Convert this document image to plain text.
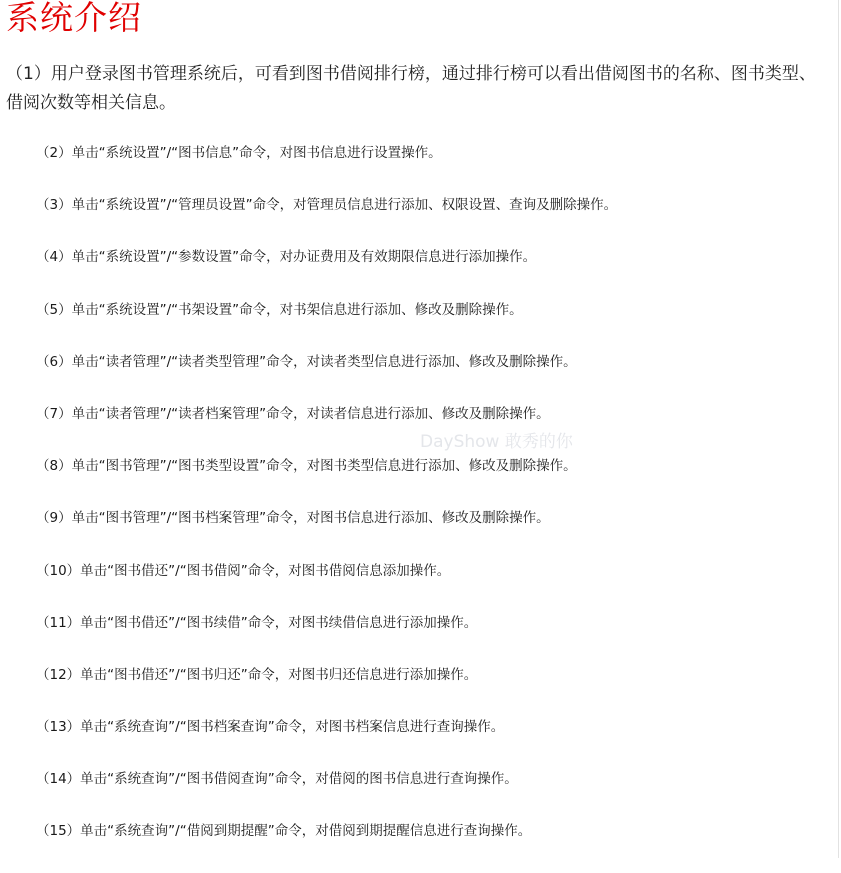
系统介绍

（1）用户登录图书管理系统后，可看到图书借阅排行榜，通过排行榜可以看出借阅图书的名称、图书类型、借阅次数等相关信息。

（2）单击“系统设置”/“图书信息”命令，对图书信息进行设置操作。
（3）单击“系统设置”/“管理员设置”命令，对管理员信息进行添加、权限设置、查询及删除操作。
（4）单击“系统设置”/“参数设置”命令，对办证费用及有效期限信息进行添加操作。
（5）单击“系统设置”/“书架设置”命令，对书架信息进行添加、修改及删除操作。
（6）单击“读者管理”/“读者类型管理”命令，对读者类型信息进行添加、修改及删除操作。
（7）单击“读者管理”/“读者档案管理”命令，对读者信息进行添加、修改及删除操作。
（8）单击“图书管理”/“图书类型设置”命令，对图书类型信息进行添加、修改及删除操作。
（9）单击“图书管理”/“图书档案管理”命令，对图书信息进行添加、修改及删除操作。
（10）单击“图书借还”/“图书借阅”命令，对图书借阅信息添加操作。
（11）单击“图书借还”/“图书续借”命令，对图书续借信息进行添加操作。
（12）单击“图书借还”/“图书归还”命令，对图书归还信息进行添加操作。
（13）单击“系统查询”/“图书档案查询”命令，对图书档案信息进行查询操作。
（14）单击“系统查询”/“图书借阅查询”命令，对借阅的图书信息进行查询操作。
（15）单击“系统查询”/“借阅到期提醒”命令，对借阅到期提醒信息进行查询操作。
DayShow 敢秀的你
